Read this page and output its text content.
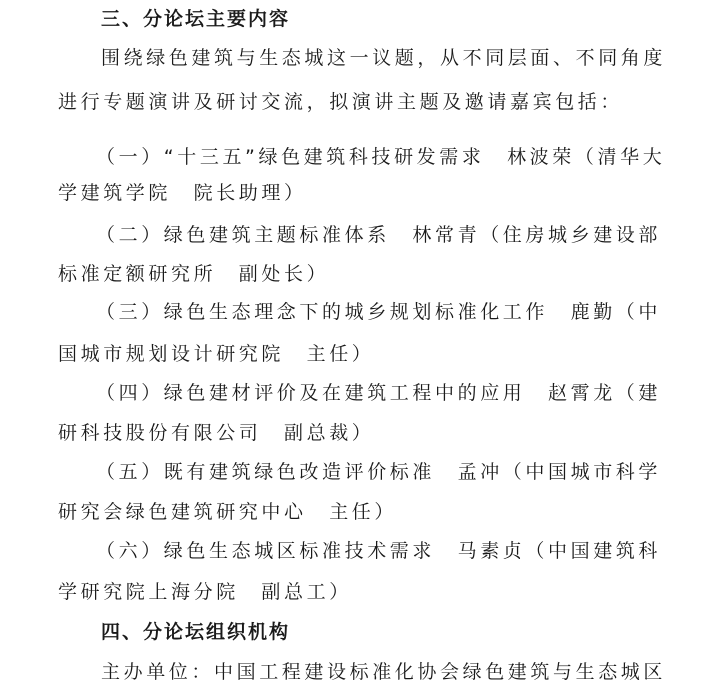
三、分论坛主要内容
围绕绿色建筑与生态城这一议题，从不同层面、不同角度
进行专题演讲及研讨交流，拟演讲主题及邀请嘉宾包括：
（一）“十三五”绿色建筑科技研发需求　林波荣（清华大
学建筑学院　院长助理）
（二）绿色建筑主题标准体系　林常青（住房城乡建设部
标准定额研究所　副处长）
（三）绿色生态理念下的城乡规划标准化工作　鹿勤（中
国城市规划设计研究院　主任）
（四）绿色建材评价及在建筑工程中的应用　赵霄龙（建
研科技股份有限公司　副总裁）
（五）既有建筑绿色改造评价标准　孟冲（中国城市科学
研究会绿色建筑研究中心　主任）
（六）绿色生态城区标准技术需求　马素贞（中国建筑科
学研究院上海分院　副总工）
四、分论坛组织机构
主办单位：中国工程建设标准化协会绿色建筑与生态城区
